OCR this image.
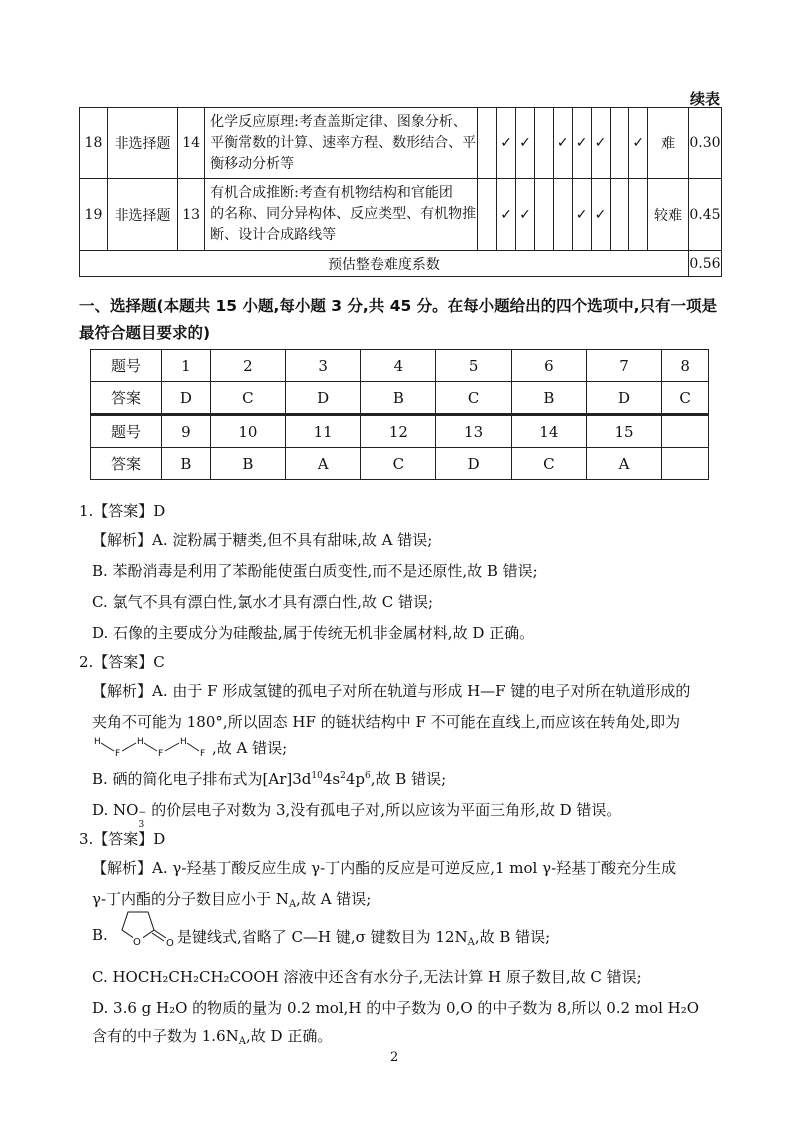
续表
18	非选择题	14	化学反应原理:考查盖斯定律、图象分析、
平衡常数的计算、速率方程、数形结合、平
衡移动分析等		✓	✓		✓	✓	✓		✓	难	0.30
19	非选择题	13	有机合成推断:考查有机物结构和官能团
的名称、同分异构体、反应类型、有机物推
断、设计合成路线等		✓	✓			✓	✓			较难	0.45
预估整卷难度系数														0.56
一、选择题(本题共 15 小题,每小题 3 分,共 45 分。在每小题给出的四个选项中,只有一项是
最符合题目要求的)
题号	1	2	3	4	5	6	7	8
答案	D	C	D	B	C	B	D	C
题号	9	10	11	12	13	14	15	
答案	B	B	A	C	D	C	A	
1.【答案】D
【解析】A. 淀粉属于糖类,但不具有甜味,故 A 错误;
B. 苯酚消毒是利用了苯酚能使蛋白质变性,而不是还原性,故 B 错误;
C. 氯气不具有漂白性,氯水才具有漂白性,故 C 错误;
D. 石像的主要成分为硅酸盐,属于传统无机非金属材料,故 D 正确。
2.【答案】C
【解析】A. 由于 F 形成氢键的孤电子对所在轨道与形成 H—F 键的电子对所在轨道形成的
夹角不可能为 180°,所以固态 HF 的链状结构中 F 不可能在直线上,而应该在转角处,即为
H
F
H
F
H
F ,故 A 错误;
B. 硒的简化电子排布式为$[Ar]3d^{10}4s^24p^6$,故 B 错误;
D. NO −
3
的价层电子对数为 3,没有孤电子对,所以应该为平面三角形,故 D 错误。
3.【答案】D
【解析】A. γ-羟基丁酸反应生成 γ-丁内酯的反应是可逆反应,1 mol γ-羟基丁酸充分生成
γ-丁内酯的分子数目应小于 $N_A$,故 A 错误;
B.	O	O 是键线式,省略了 C—H 键,σ 键数目为 $12N_A$,故 B 错误;
C. HOCH₂CH₂CH₂COOH 溶液中还含有水分子,无法计算 H 原子数目,故 C 错误;
D. 3.6 g H₂O 的物质的量为 0.2 mol,H 的中子数为 0,O 的中子数为 8,所以 0.2 mol H₂O
含有的中子数为 $1.6N_A$,故 D 正确。
2
